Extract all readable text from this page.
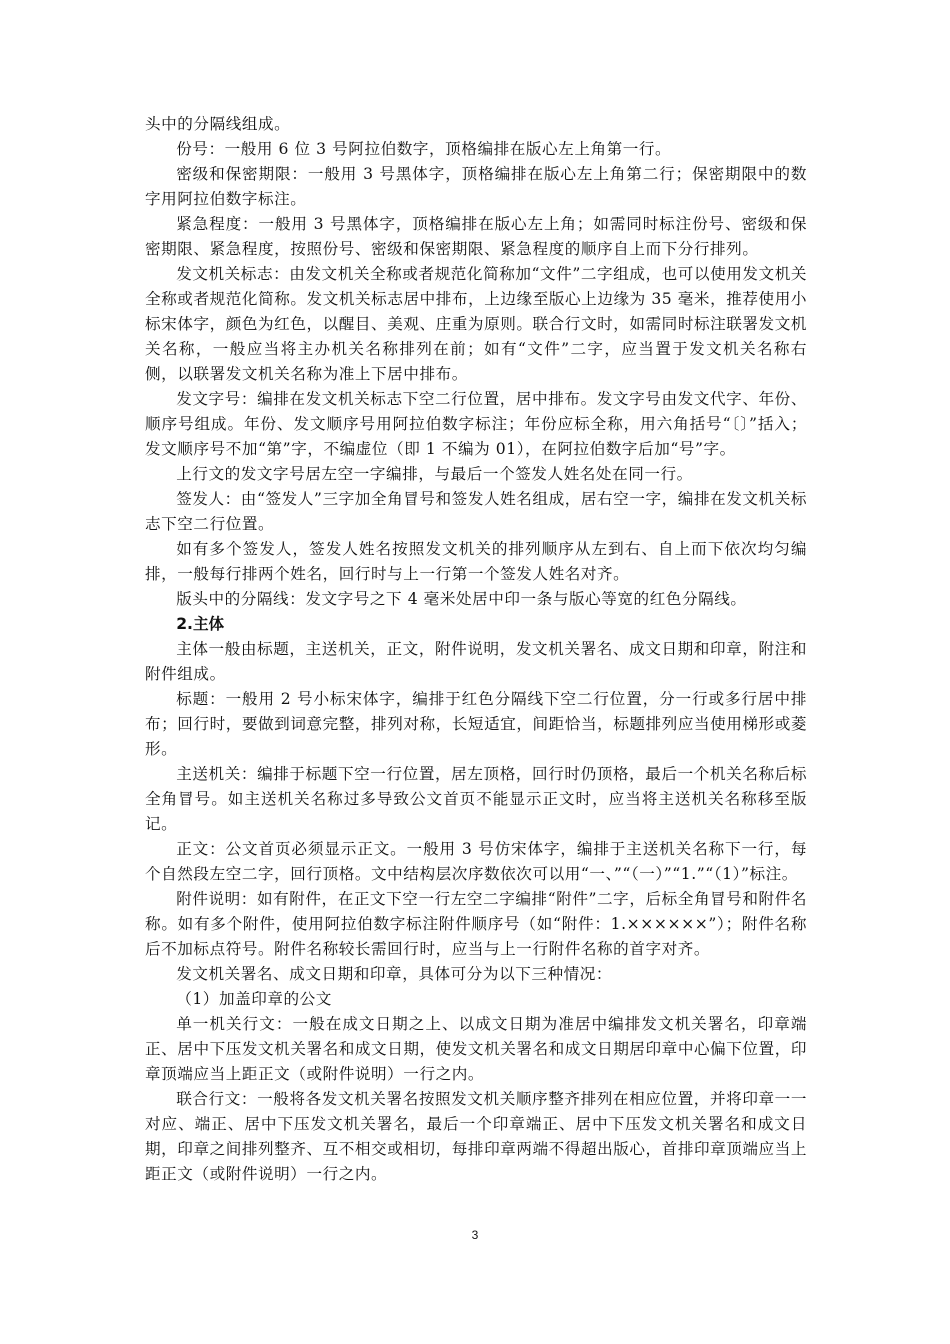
头中的分隔线组成。

份号：一般用 6 位 3 号阿拉伯数字，顶格编排在版心左上角第一行。

密级和保密期限：一般用 3 号黑体字，顶格编排在版心左上角第二行；保密期限中的数字用阿拉伯数字标注。

紧急程度：一般用 3 号黑体字，顶格编排在版心左上角；如需同时标注份号、密级和保密期限、紧急程度，按照份号、密级和保密期限、紧急程度的顺序自上而下分行排列。

发文机关标志：由发文机关全称或者规范化简称加“文件”二字组成，也可以使用发文机关全称或者规范化简称。发文机关标志居中排布，上边缘至版心上边缘为 35 毫米，推荐使用小标宋体字，颜色为红色，以醒目、美观、庄重为原则。联合行文时，如需同时标注联署发文机关名称，一般应当将主办机关名称排列在前；如有“文件”二字，应当置于发文机关名称右侧，以联署发文机关名称为准上下居中排布。

发文字号：编排在发文机关标志下空二行位置，居中排布。发文字号由发文代字、年份、顺序号组成。年份、发文顺序号用阿拉伯数字标注；年份应标全称，用六角括号“〔〕”括入；发文顺序号不加“第”字，不编虚位（即 1 不编为 01），在阿拉伯数字后加“号”字。

上行文的发文字号居左空一字编排，与最后一个签发人姓名处在同一行。

签发人：由“签发人”三字加全角冒号和签发人姓名组成，居右空一字，编排在发文机关标志下空二行位置。

如有多个签发人，签发人姓名按照发文机关的排列顺序从左到右、自上而下依次均匀编排，一般每行排两个姓名，回行时与上一行第一个签发人姓名对齐。

版头中的分隔线：发文字号之下 4 毫米处居中印一条与版心等宽的红色分隔线。

2.主体

主体一般由标题，主送机关，正文，附件说明，发文机关署名、成文日期和印章，附注和附件组成。

标题：一般用 2 号小标宋体字，编排于红色分隔线下空二行位置，分一行或多行居中排布；回行时，要做到词意完整，排列对称，长短适宜，间距恰当，标题排列应当使用梯形或菱形。

主送机关：编排于标题下空一行位置，居左顶格，回行时仍顶格，最后一个机关名称后标全角冒号。如主送机关名称过多导致公文首页不能显示正文时，应当将主送机关名称移至版记。

正文：公文首页必须显示正文。一般用 3 号仿宋体字，编排于主送机关名称下一行，每个自然段左空二字，回行顶格。文中结构层次序数依次可以用“一、”“（一）”“1.”“（1）”标注。

附件说明：如有附件，在正文下空一行左空二字编排“附件”二字，后标全角冒号和附件名称。如有多个附件，使用阿拉伯数字标注附件顺序号（如“附件：1.××××××”）；附件名称后不加标点符号。附件名称较长需回行时，应当与上一行附件名称的首字对齐。

发文机关署名、成文日期和印章，具体可分为以下三种情况：

（1）加盖印章的公文

单一机关行文：一般在成文日期之上、以成文日期为准居中编排发文机关署名，印章端正、居中下压发文机关署名和成文日期，使发文机关署名和成文日期居印章中心偏下位置，印章顶端应当上距正文（或附件说明）一行之内。

联合行文：一般将各发文机关署名按照发文机关顺序整齐排列在相应位置，并将印章一一对应、端正、居中下压发文机关署名，最后一个印章端正、居中下压发文机关署名和成文日期，印章之间排列整齐、互不相交或相切，每排印章两端不得超出版心，首排印章顶端应当上距正文（或附件说明）一行之内。

3
